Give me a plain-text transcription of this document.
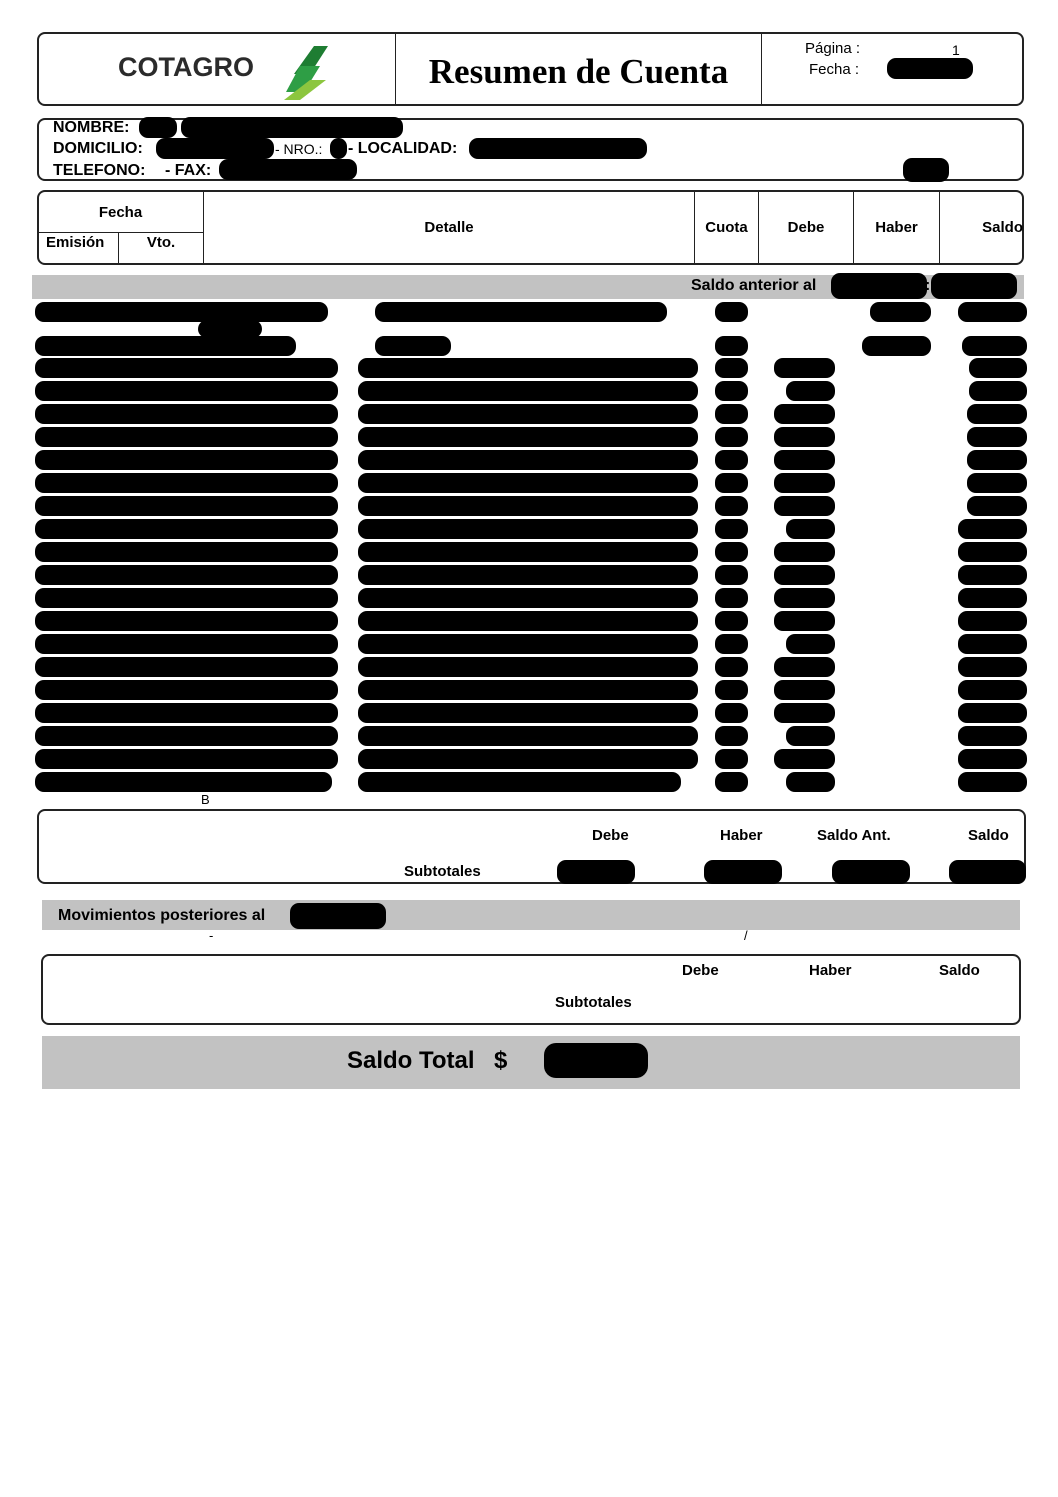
COTAGRO	Resumen de Cuenta
Página :	1
Fecha :
NOMBRE:
DOMICILIO:	- NRO.: - LOCALIDAD:
TELEFONO: - FAX:
Fecha
Emisión	Vto.
Detalle	Cuota	Debe	Haber	Saldo
Saldo anterior al	:
B
Debe	Haber	Saldo Ant.	Saldo
Subtotales
Movimientos posteriores al
-	/
Debe	Haber	Saldo
Subtotales
Saldo Total $
